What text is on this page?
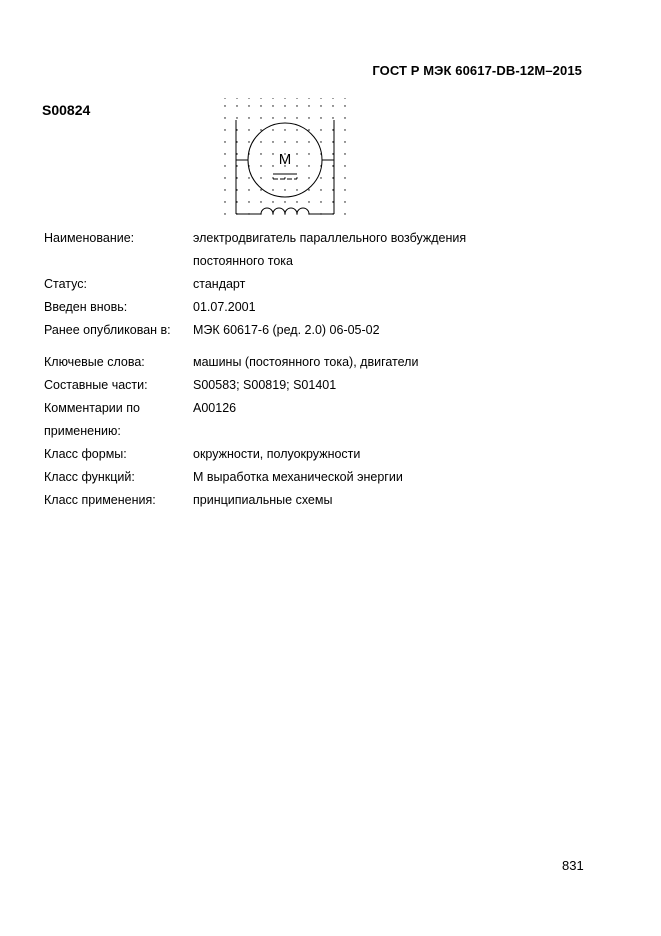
ГОСТ Р МЭК 60617-DB-12M–2015
S00824
M
Наименование:	электродвигатель параллельного возбуждения
постоянного тока
Статус:	стандарт
Введен вновь:	01.07.2001
Ранее опубликован в:	МЭК 60617-6 (ред. 2.0) 06-05-02
Ключевые слова:	машины (постоянного тока), двигатели
Составные части:	S00583; S00819; S01401
Комментарии по	A00126
применению:
Класс формы:	окружности, полуокружности
Класс функций:	M выработка механической энергии
Класс применения:	принципиальные схемы
831
